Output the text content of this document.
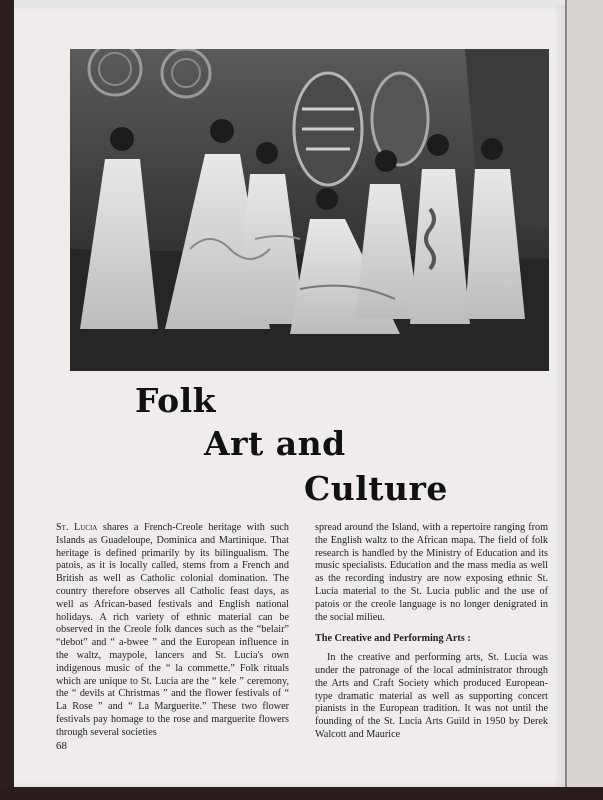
Folk
Art and
Culture

St. Lucia shares a French-Creole heritage with such Islands as Guadeloupe, Dominica and Martinique. That heritage is defined primarily by its bilingualism. The patois, as it is locally called, stems from a French and British as well as Catholic colonial domination. The country therefore observes all Catholic feast days, as well as African-based festivals and English national holidays. A rich variety of ethnic material can be observed in the Creole folk dances such as the “belair” “debot” and “ a-bwee ” and the European influence in the waltz, maypole, lancers and St. Lucia's own indigenous music of the “ la commette.” Folk rituals which are unique to St. Lucia are the “ kele ” ceremony, the “ devils at Christmas ” and the flower festivals of “ La Rose ” and “ La Marguerite.” These two flower festivals pay homage to the rose and marguerite flowers through several societies

spread around the Island, with a repertoire ranging from the English waltz to the African mapa. The field of folk research is handled by the Ministry of Education and its music specialists. Education and the mass media as well as the recording industry are now exposing ethnic St. Lucia material to the St. Lucia public and the use of patois or the creole language is no longer denigrated in the social milieu.

The Creative and Performing Arts :

In the creative and performing arts, St. Lucia was under the patronage of the local administrator through the Arts and Craft Society which produced European-type dramatic material as well as supporting concert pianists in the European tradition. It was not until the founding of the St. Lucia Arts Guild in 1950 by Derek Walcott and Maurice

68
